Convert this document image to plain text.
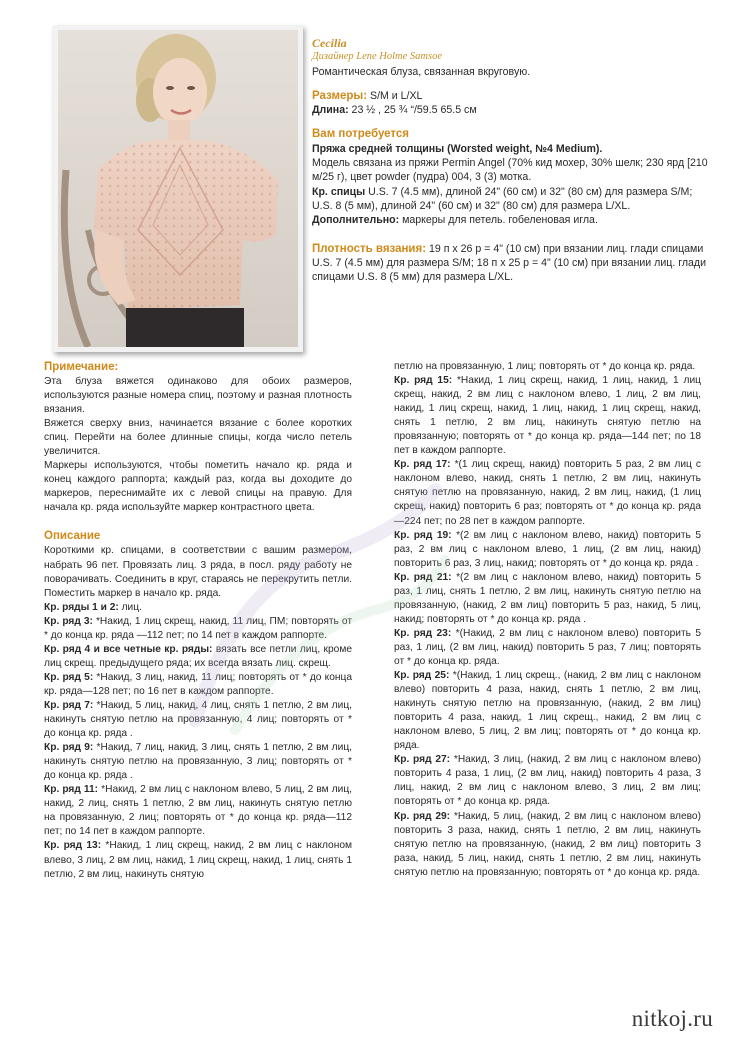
Cecilia

Дизайнер Lene Holme Samsoe

Романтическая блуза, связанная вкруговую.

Размеры: S/M и L/XL

Длина: 23 ½ , 25 ¾ “/59.5 65.5 см

Вам потребуется

Пряжа средней толщины (Worsted weight, №4 Medium).

Модель связана из пряжи Permin Angel (70% кид мохер, 30% шелк; 230 ярд [210 м/25 г), цвет powder (пудра) 004, 3 (3) мотка.

Кр. спицы U.S. 7 (4.5 мм), длиной 24" (60 см) и 32" (80 см) для размера S/M; U.S. 8 (5 мм), длиной 24" (60 см) и 32" (80 см) для размера L/XL.

Дополнительно: маркеры для петель. гобеленовая игла.

Плотность вязания: 19 п х 26 р = 4" (10 см) при вязании лиц. глади спицами U.S. 7 (4.5 мм) для размера S/M; 18 п х 25 р = 4" (10 см) при вязании лиц. глади спицами U.S. 8 (5 мм) для размера L/XL.

Примечание:

Эта блуза вяжется одинаково для обоих размеров, используются разные номера спиц, поэтому и разная плотность вязания.

Вяжется сверху вниз, начинается вязание с более коротких спиц. Перейти на более длинные спицы, когда число петель увеличится.

Маркеры используются, чтобы пометить начало кр. ряда и конец каждого раппорта; каждый раз, когда вы доходите до маркеров, переснимайте их с левой спицы на правую. Для начала кр. ряда используйте маркер контрастного цвета.

Описание

Короткими кр. спицами, в соответствии с вашим размером, набрать 96 пет. Провязать лиц. 3 ряда, в посл. ряду работу не поворачивать. Соединить в круг, стараясь не перекрутить петли. Поместить маркер в начало кр. ряда.

Кр. ряды 1 и 2: лиц.

Кр. ряд 3: *Накид, 1 лиц скрещ, накид, 11 лиц, ПМ; повторять от * до конца кр. ряда —112 пет; по 14 пет в каждом раппорте.

Кр. ряд 4 и все четные кр. ряды: вязать все петли лиц, кроме лиц скрещ. предыдущего ряда; их всегда вязать лиц. скрещ.

Кр. ряд 5: *Накид, 3 лиц, накид, 11 лиц; повторять от * до конца кр. ряда—128 пет; по 16 пет в каждом раппорте.

Кр. ряд 7: *Накид, 5 лиц, накид, 4 лиц, снять 1 петлю, 2 вм лиц, накинуть снятую петлю на провязанную, 4 лиц; повторять от * до конца кр. ряда .

Кр. ряд 9: *Накид, 7 лиц, накид, 3 лиц, снять 1 петлю, 2 вм лиц, накинуть снятую петлю на провязанную, 3 лиц; повторять от * до конца кр. ряда .

Кр. ряд 11: *Накид, 2 вм лиц с наклоном влево, 5 лиц, 2 вм лиц, накид, 2 лиц, снять 1 петлю, 2 вм лиц, накинуть снятую петлю на провязанную, 2 лиц; повторять от * до конца кр. ряда—112 пет; по 14 пет в каждом раппорте.

Кр. ряд 13: *Накид, 1 лиц скрещ, накид, 2 вм лиц с наклоном влево, 3 лиц, 2 вм лиц, накид, 1 лиц скрещ, накид, 1 лиц, снять 1 петлю, 2 вм лиц, накинуть снятую

петлю на провязанную, 1 лиц; повторять от * до конца кр. ряда.

Кр. ряд 15: *Накид, 1 лиц скрещ, накид, 1 лиц, накид, 1 лиц скрещ, накид, 2 вм лиц с наклоном влево, 1 лиц, 2 вм лиц, накид, 1 лиц скрещ, накид, 1 лиц, накид, 1 лиц скрещ, накид, снять 1 петлю, 2 вм лиц, накинуть снятую петлю на провязанную; повторять от * до конца кр. ряда—144 пет; по 18 пет в каждом раппорте.

Кр. ряд 17: *(1 лиц скрещ, накид) повторить 5 раз, 2 вм лиц с наклоном влево, накид, снять 1 петлю, 2 вм лиц, накинуть снятую петлю на провязанную, накид, 2 вм лиц, накид, (1 лиц скрещ, накид) повторить 6 раз; повторять от * до конца кр. ряда —224 пет; по 28 пет в каждом раппорте.

Кр. ряд 19: *(2 вм лиц с наклоном влево, накид) повторить 5 раз, 2 вм лиц с наклоном влево, 1 лиц, (2 вм лиц, накид) повторить 6 раз, 3 лиц, накид; повторять от * до конца кр. ряда .

Кр. ряд 21: *(2 вм лиц с наклоном влево, накид) повторить 5 раз, 1 лиц, снять 1 петлю, 2 вм лиц, накинуть снятую петлю на провязанную, (накид, 2 вм лиц) повторить 5 раз, накид, 5 лиц, накид; повторять от * до конца кр. ряда .

Кр. ряд 23: *(Накид, 2 вм лиц с наклоном влево) повторить 5 раз, 1 лиц, (2 вм лиц, накид) повторить 5 раз, 7 лиц; повторять от * до конца кр. ряда.

Кр. ряд 25: *(Накид, 1 лиц скрещ., (накид, 2 вм лиц с наклоном влево) повторить 4 раза, накид, снять 1 петлю, 2 вм лиц, накинуть снятую петлю на провязанную, (накид, 2 вм лиц) повторить 4 раза, накид, 1 лиц скрещ., накид, 2 вм лиц с наклоном влево, 5 лиц, 2 вм лиц; повторять от * до конца кр. ряда.

Кр. ряд 27: *Накид, 3 лиц, (накид, 2 вм лиц с наклоном влево) повторить 4 раза, 1 лиц, (2 вм лиц, накид) повторить 4 раза, 3 лиц, накид, 2 вм лиц с наклоном влево, 3 лиц, 2 вм лиц; повторять от * до конца кр. ряда.

Кр. ряд 29: *Накид, 5 лиц, (накид, 2 вм лиц с наклоном влево) повторить 3 раза, накид, снять 1 петлю, 2 вм лиц, накинуть снятую петлю на провязанную, (накид, 2 вм лиц) повторить 3 раза, накид, 5 лиц, накид, снять 1 петлю, 2 вм лиц, накинуть снятую петлю на провязанную; повторять от * до конца кр. ряда.

nitkoj.ru
